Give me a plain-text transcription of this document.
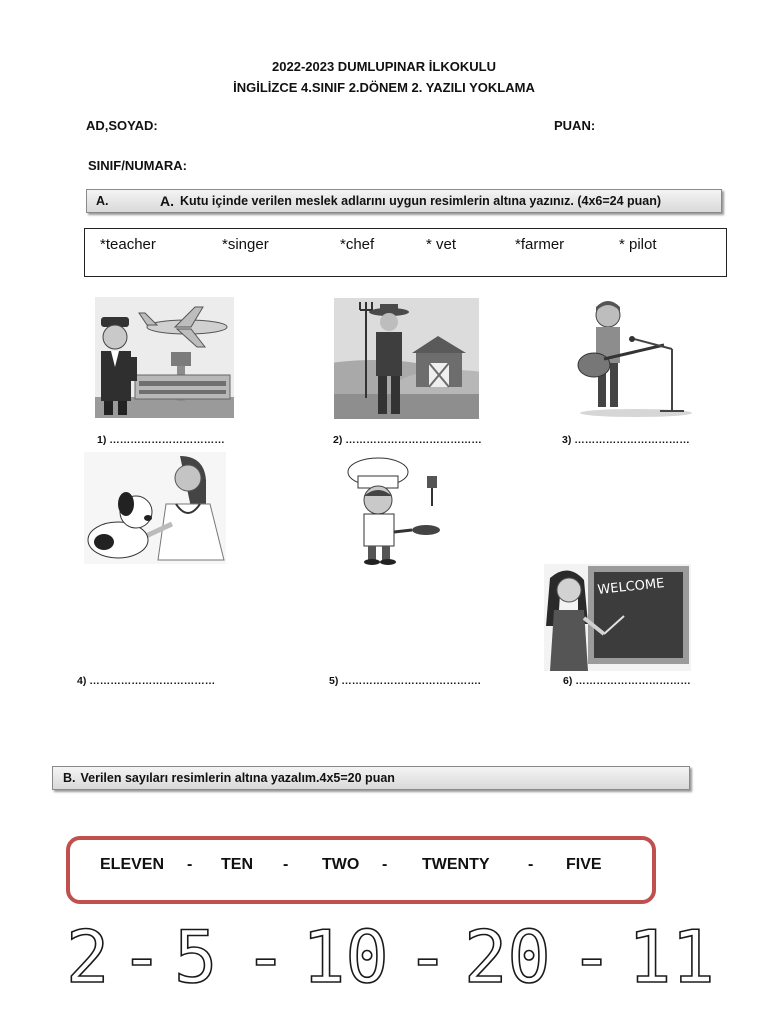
2022-2023 DUMLUPINAR İLKOKULU
İNGİLİZCE 4.SINIF 2.DÖNEM 2. YAZILI YOKLAMA
AD,SOYAD:	PUAN:
SINIF/NUMARA:
A.	A. Kutu içinde verilen meslek adlarını uygun resimlerin altına yazınız. (4x6=24 puan)
*teacher	*singer	*chef	* vet	*farmer	* pilot
1) ……………………………	2) …………………………………	3) ……………………………
WELCOME
4) ………………………………	5) ………………………………….	6) ……………………………
B. Verilen sayıları resimlerin altına yazalım.4x5=20 puan
ELEVEN - TEN - TWO - TWENTY - FIVE
2 - 5 - 10 - 20 - 11
